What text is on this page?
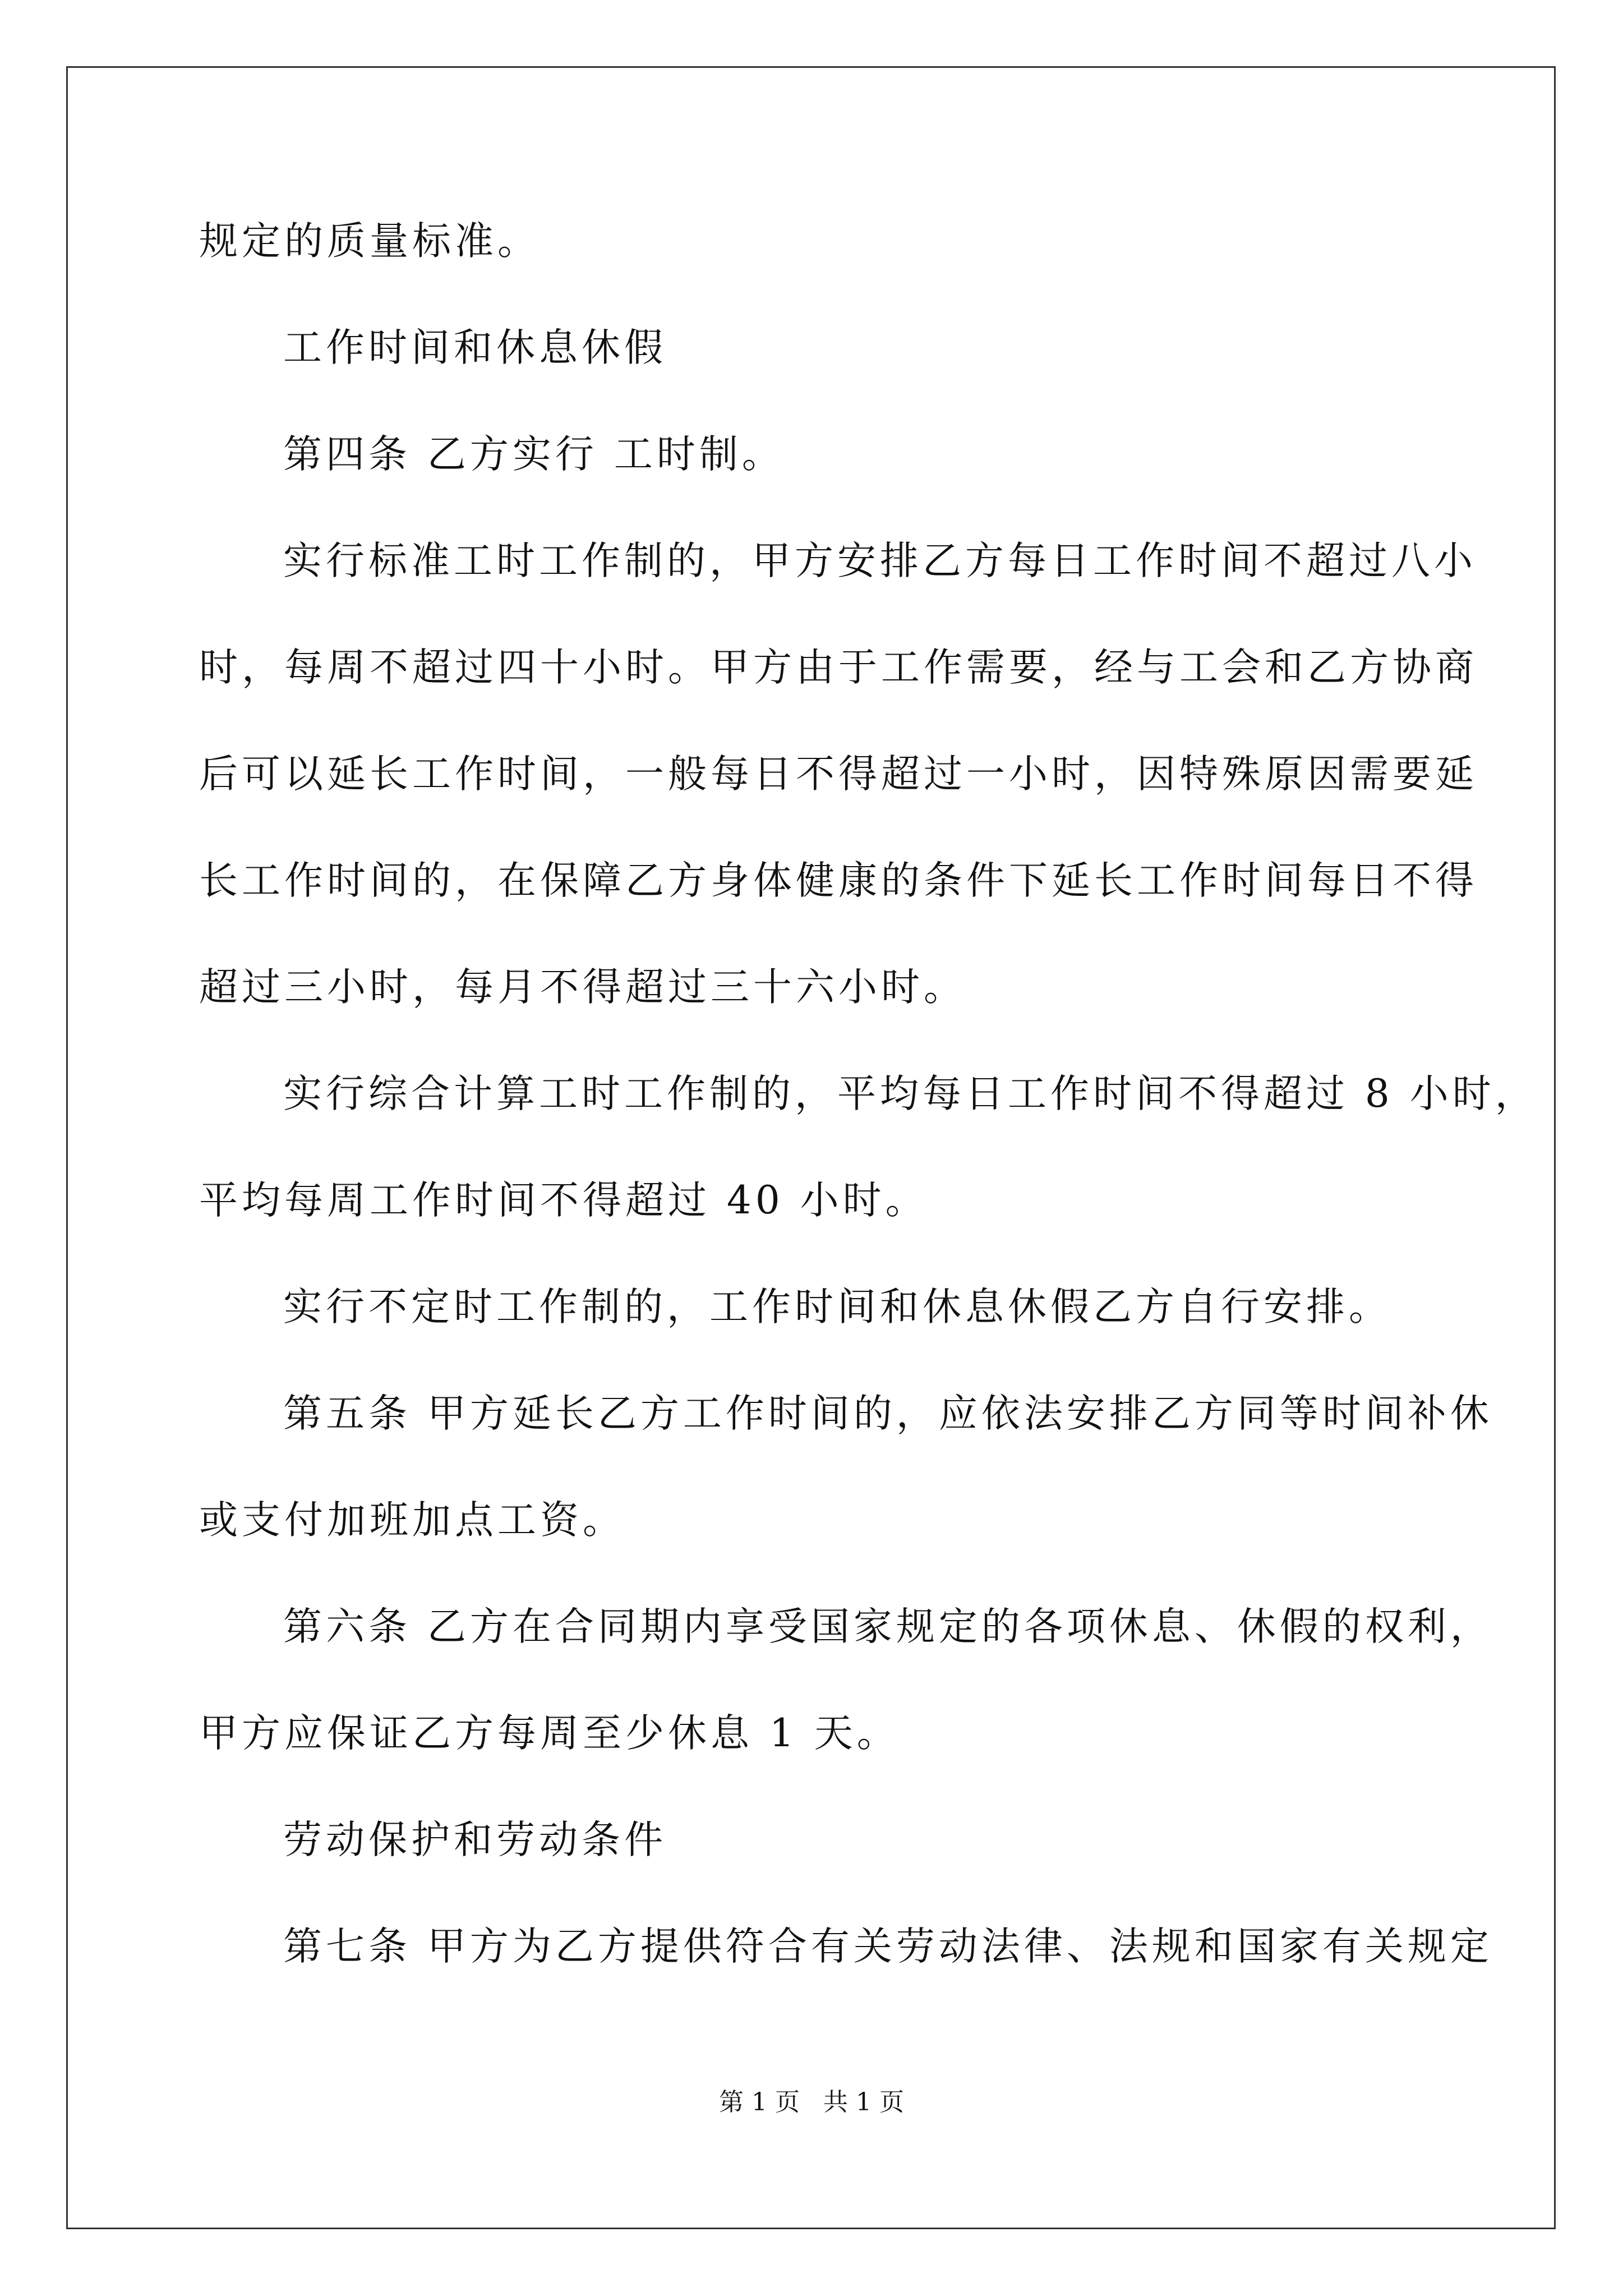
规定的质量标准。
工作时间和休息休假
第四条 乙方实行 工时制。
实行标准工时工作制的，甲方安排乙方每日工作时间不超过八小
时，每周不超过四十小时。甲方由于工作需要，经与工会和乙方协商
后可以延长工作时间，一般每日不得超过一小时，因特殊原因需要延
长工作时间的，在保障乙方身体健康的条件下延长工作时间每日不得
超过三小时，每月不得超过三十六小时。
实行综合计算工时工作制的，平均每日工作时间不得超过 8 小时，
平均每周工作时间不得超过 40 小时。
实行不定时工作制的，工作时间和休息休假乙方自行安排。
第五条 甲方延长乙方工作时间的，应依法安排乙方同等时间补休
或支付加班加点工资。
第六条 乙方在合同期内享受国家规定的各项休息、休假的权利，
甲方应保证乙方每周至少休息 1 天。
劳动保护和劳动条件
第七条 甲方为乙方提供符合有关劳动法律、法规和国家有关规定
第 1 页   共 1 页
